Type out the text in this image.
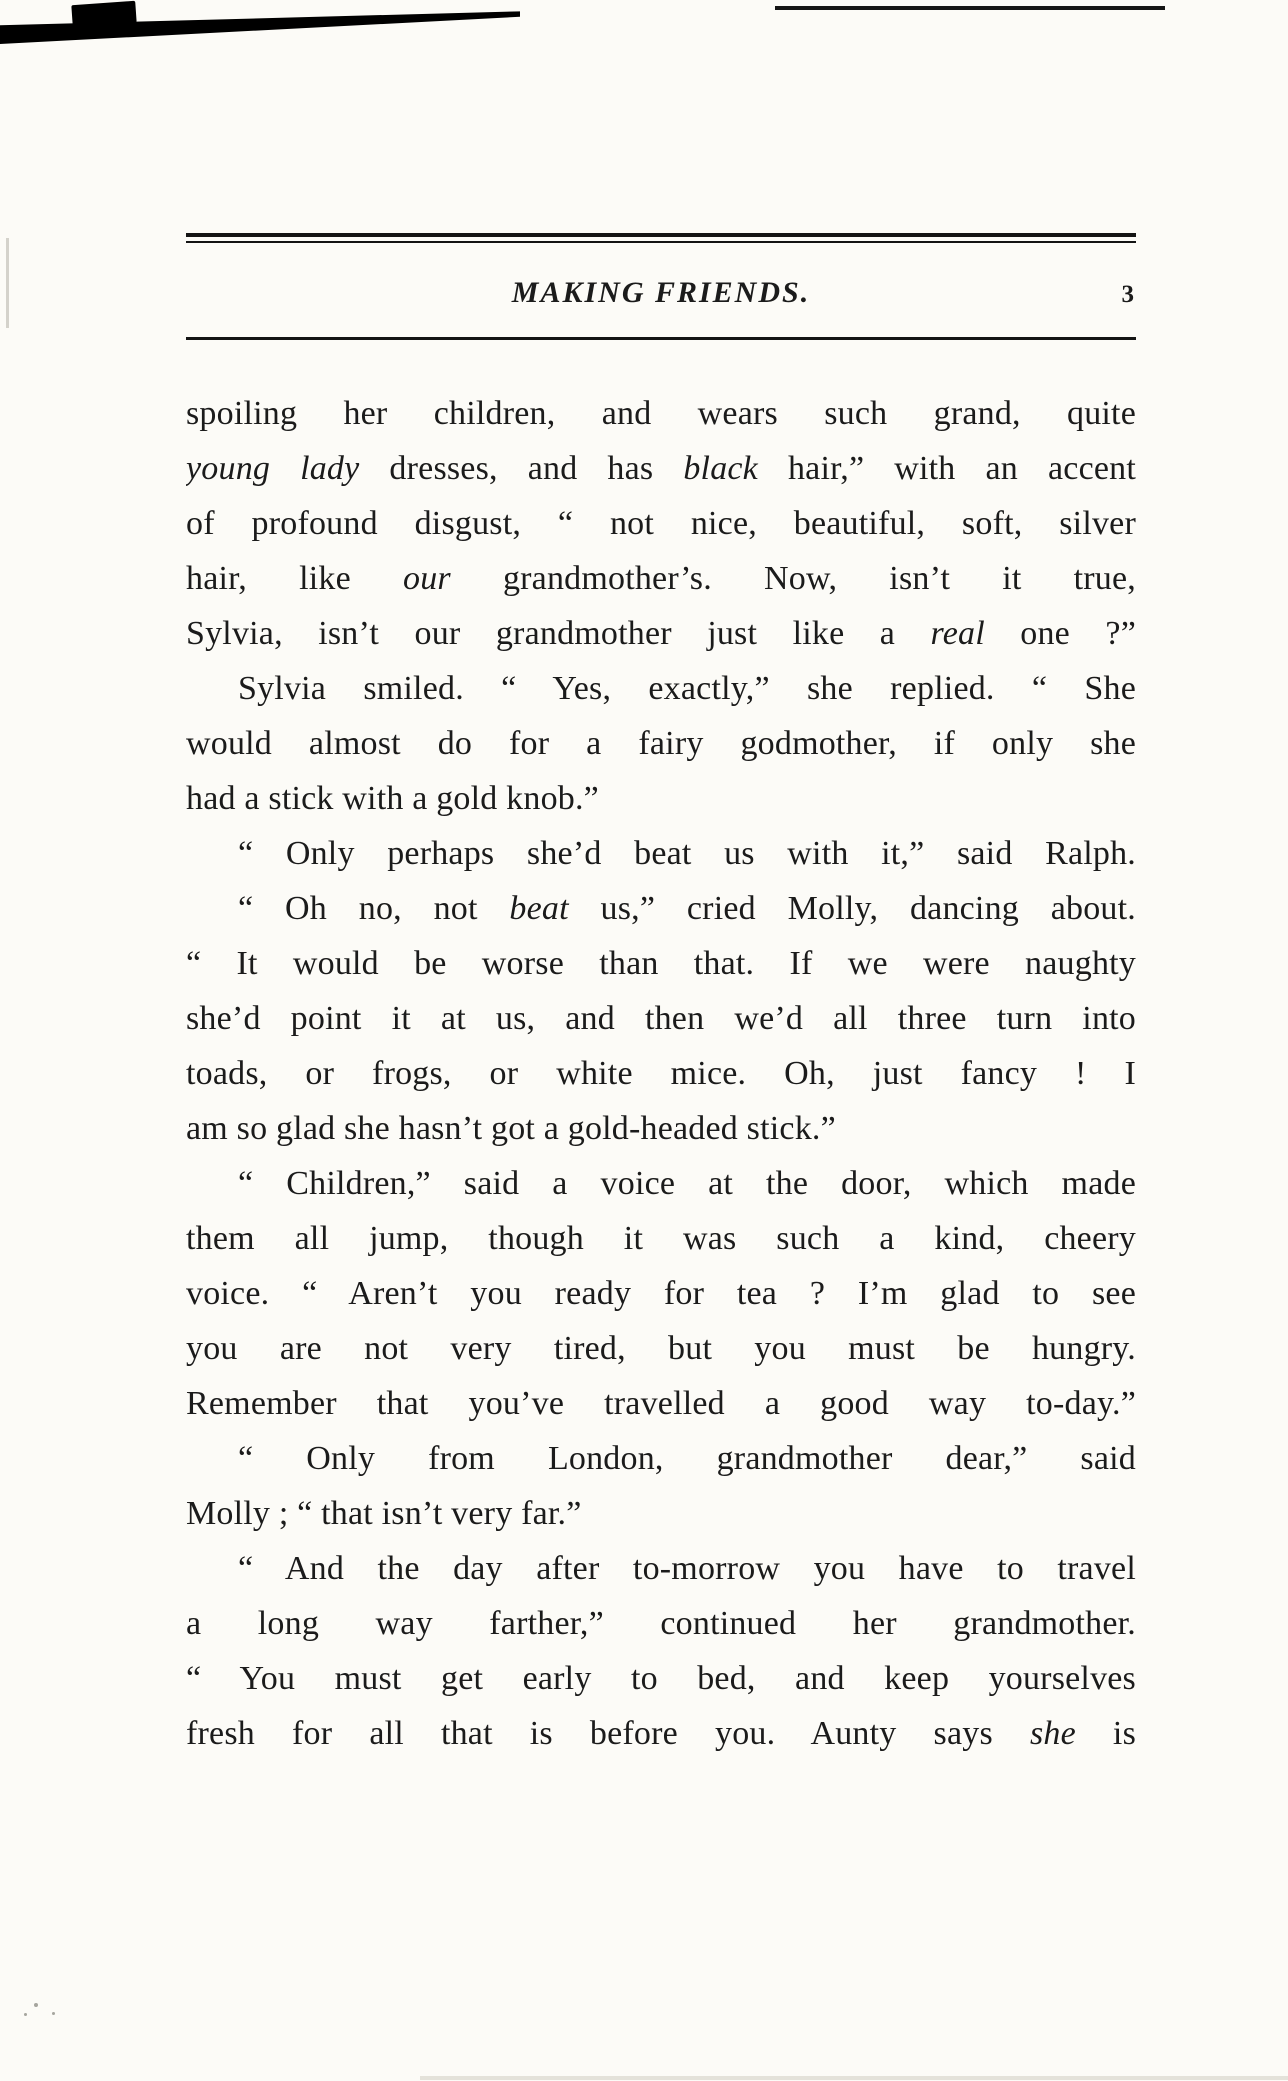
MAKING FRIENDS.	3
spoiling her children, and wears such grand, quite
young lady dresses, and has black hair,” with an accent
of profound disgust, “ not nice, beautiful, soft, silver
hair, like our grandmother’s. Now, isn’t it true,
Sylvia, isn’t our grandmother just like a real one ?”
Sylvia smiled. “ Yes, exactly,” she replied. “ She
would almost do for a fairy godmother, if only she
had a stick with a gold knob.”
“ Only perhaps she’d beat us with it,” said Ralph.
“ Oh no, not beat us,” cried Molly, dancing about.
“ It would be worse than that. If we were naughty
she’d point it at us, and then we’d all three turn into
toads, or frogs, or white mice. Oh, just fancy ! I
am so glad she hasn’t got a gold-headed stick.”
“ Children,” said a voice at the door, which made
them all jump, though it was such a kind, cheery
voice. “ Aren’t you ready for tea ? I’m glad to see
you are not very tired, but you must be hungry.
Remember that you’ve travelled a good way to-day.”
“ Only from London, grandmother dear,” said
Molly ; “ that isn’t very far.”
“ And the day after to-morrow you have to travel
a long way farther,” continued her grandmother.
“ You must get early to bed, and keep yourselves
fresh for all that is before you. Aunty says she is
